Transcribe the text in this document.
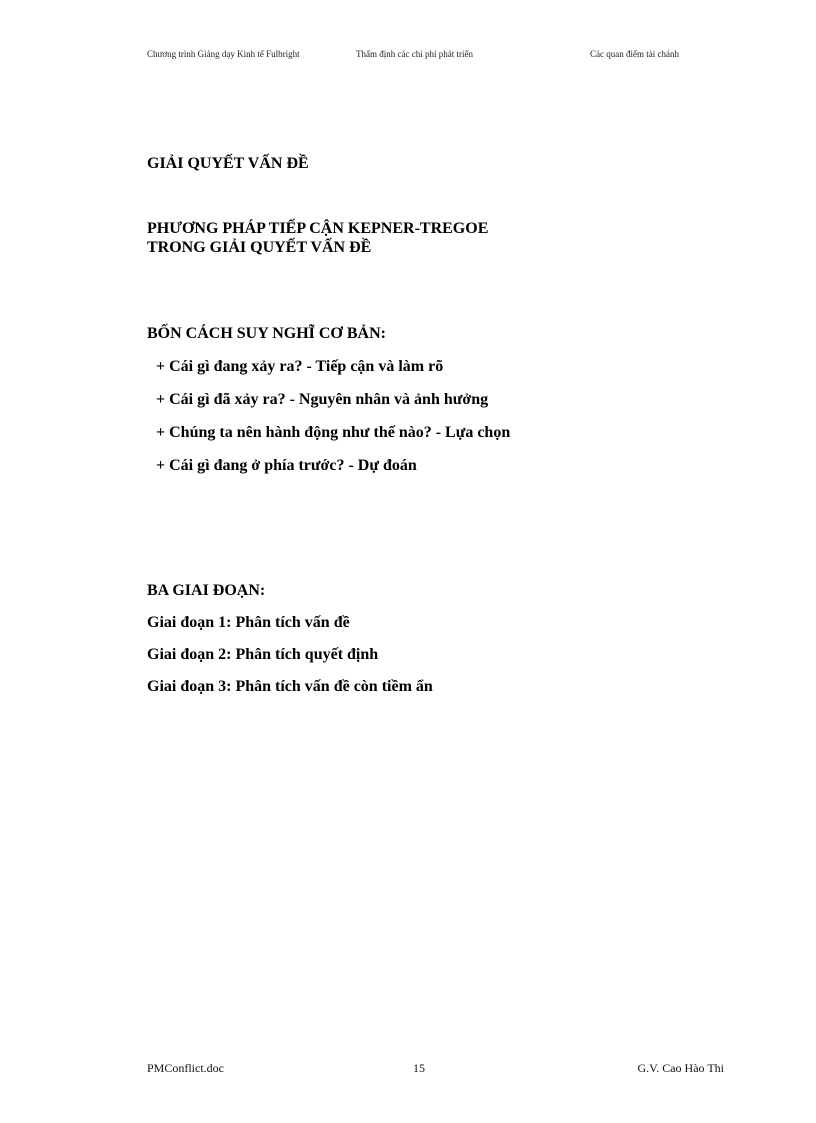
Chương trình Giảng dạy Kinh tế Fulbright	Thẩm định các chi phí phát triển	Các quan điểm tài chánh
GIẢI QUYẾT VẤN ĐỀ
PHƯƠNG PHÁP TIẾP CẬN KEPNER-TREGOE
TRONG GIẢI QUYẾT VẤN ĐỀ
BỐN CÁCH SUY NGHĨ CƠ BẢN:
+ Cái gì đang xảy ra? - Tiếp cận và làm rõ
+ Cái gì đã xảy ra? - Nguyên nhân và ảnh hưởng
+ Chúng ta nên hành động như thế nào? - Lựa chọn
+ Cái gì đang ở phía trước? - Dự đoán
BA GIAI ĐOẠN:
Giai đoạn 1: Phân tích vấn đề
Giai đoạn 2: Phân tích quyết định
Giai đoạn 3: Phân tích vấn đề còn tiềm ẩn
PMConflict.doc	15	G.V. Cao Hào Thi
